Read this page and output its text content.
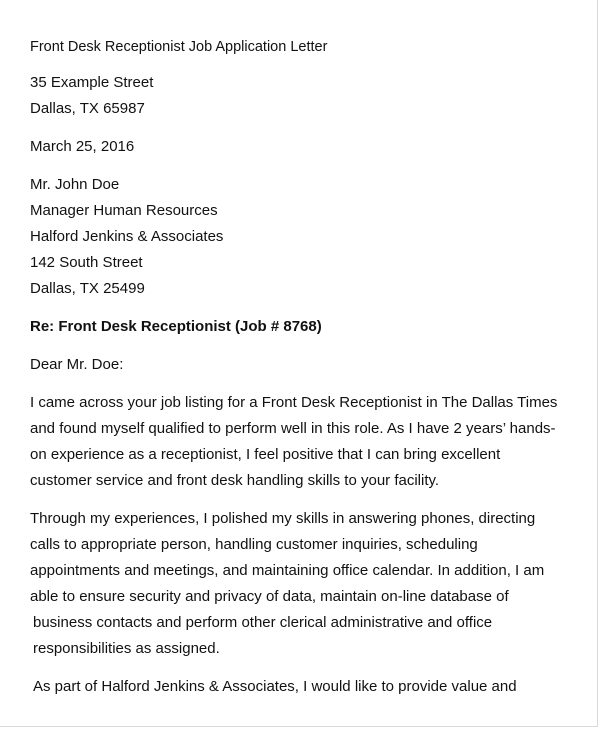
Front Desk Receptionist Job Application Letter
35 Example Street
Dallas, TX 65987
March 25, 2016
Mr. John Doe
Manager Human Resources
Halford Jenkins & Associates
142 South Street
Dallas, TX 25499
Re: Front Desk Receptionist (Job # 8768)
Dear Mr. Doe:
I came across your job listing for a Front Desk Receptionist in The Dallas Times
and found myself qualified to perform well in this role. As I have 2 years’ hands-
on experience as a receptionist, I feel positive that I can bring excellent
customer service and front desk handling skills to your facility.
Through my experiences, I polished my skills in answering phones, directing
calls to appropriate person, handling customer inquiries, scheduling
appointments and meetings, and maintaining office calendar. In addition, I am
able to ensure security and privacy of data, maintain on-line database of
business contacts and perform other clerical administrative and office
responsibilities as assigned.
As part of Halford Jenkins & Associates, I would like to provide value and
